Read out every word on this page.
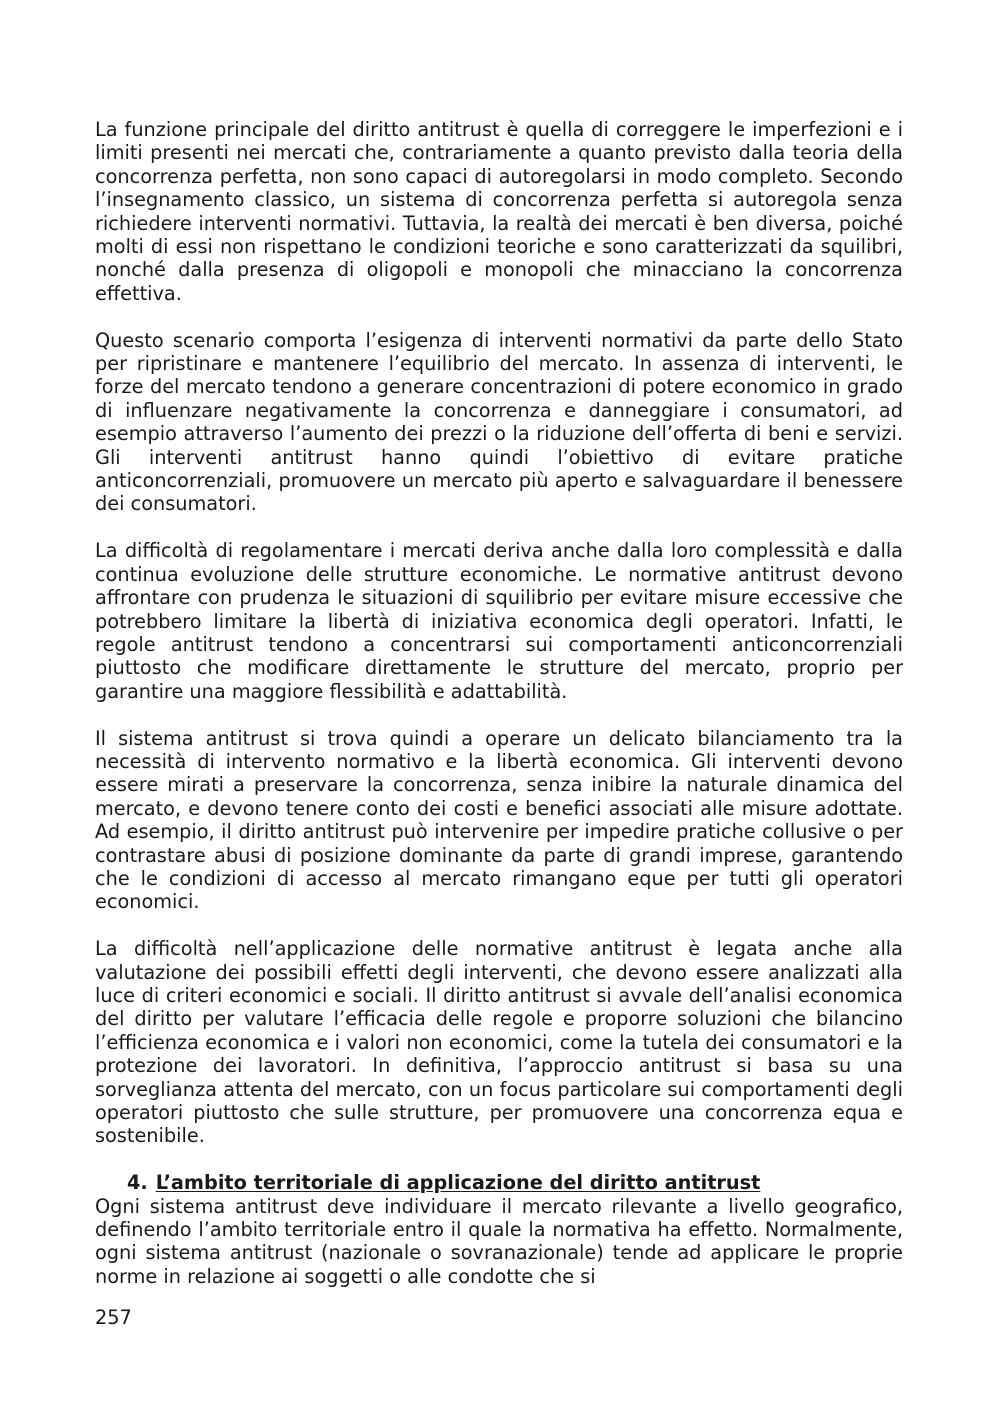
La funzione principale del diritto antitrust è quella di correggere le imperfezioni e i limiti presenti nei mercati che, contrariamente a quanto previsto dalla teoria della concorrenza perfetta, non sono capaci di autoregolarsi in modo completo. Secondo l’insegnamento classico, un sistema di concorrenza perfetta si autoregola senza richiedere interventi normativi. Tuttavia, la realtà dei mercati è ben diversa, poiché molti di essi non rispettano le condizioni teoriche e sono caratterizzati da squilibri, nonché dalla presenza di oligopoli e monopoli che minacciano la concorrenza effettiva.

Questo scenario comporta l’esigenza di interventi normativi da parte dello Stato per ripristinare e mantenere l’equilibrio del mercato. In assenza di interventi, le forze del mercato tendono a generare concentrazioni di potere economico in grado di influenzare negativamente la concorrenza e danneggiare i consumatori, ad esempio attraverso l’aumento dei prezzi o la riduzione dell’offerta di beni e servizi. Gli interventi antitrust hanno quindi l’obiettivo di evitare pratiche anticoncorrenziali, promuovere un mercato più aperto e salvaguardare il benessere dei consumatori.

La difficoltà di regolamentare i mercati deriva anche dalla loro complessità e dalla continua evoluzione delle strutture economiche. Le normative antitrust devono affrontare con prudenza le situazioni di squilibrio per evitare misure eccessive che potrebbero limitare la libertà di iniziativa economica degli operatori. Infatti, le regole antitrust tendono a concentrarsi sui comportamenti anticoncorrenziali piuttosto che modificare direttamente le strutture del mercato, proprio per garantire una maggiore flessibilità e adattabilità.

Il sistema antitrust si trova quindi a operare un delicato bilanciamento tra la necessità di intervento normativo e la libertà economica. Gli interventi devono essere mirati a preservare la concorrenza, senza inibire la naturale dinamica del mercato, e devono tenere conto dei costi e benefici associati alle misure adottate. Ad esempio, il diritto antitrust può intervenire per impedire pratiche collusive o per contrastare abusi di posizione dominante da parte di grandi imprese, garantendo che le condizioni di accesso al mercato rimangano eque per tutti gli operatori economici.

La difficoltà nell’applicazione delle normative antitrust è legata anche alla valutazione dei possibili effetti degli interventi, che devono essere analizzati alla luce di criteri economici e sociali. Il diritto antitrust si avvale dell’analisi economica del diritto per valutare l’efficacia delle regole e proporre soluzioni che bilancino l’efficienza economica e i valori non economici, come la tutela dei consumatori e la protezione dei lavoratori. In definitiva, l’approccio antitrust si basa su una sorveglianza attenta del mercato, con un focus particolare sui comportamenti degli operatori piuttosto che sulle strutture, per promuovere una concorrenza equa e sostenibile.

4. L’ambito territoriale di applicazione del diritto antitrust

Ogni sistema antitrust deve individuare il mercato rilevante a livello geografico, definendo l’ambito territoriale entro il quale la normativa ha effetto. Normalmente, ogni sistema antitrust (nazionale o sovranazionale) tende ad applicare le proprie norme in relazione ai soggetti o alle condotte che si

257
